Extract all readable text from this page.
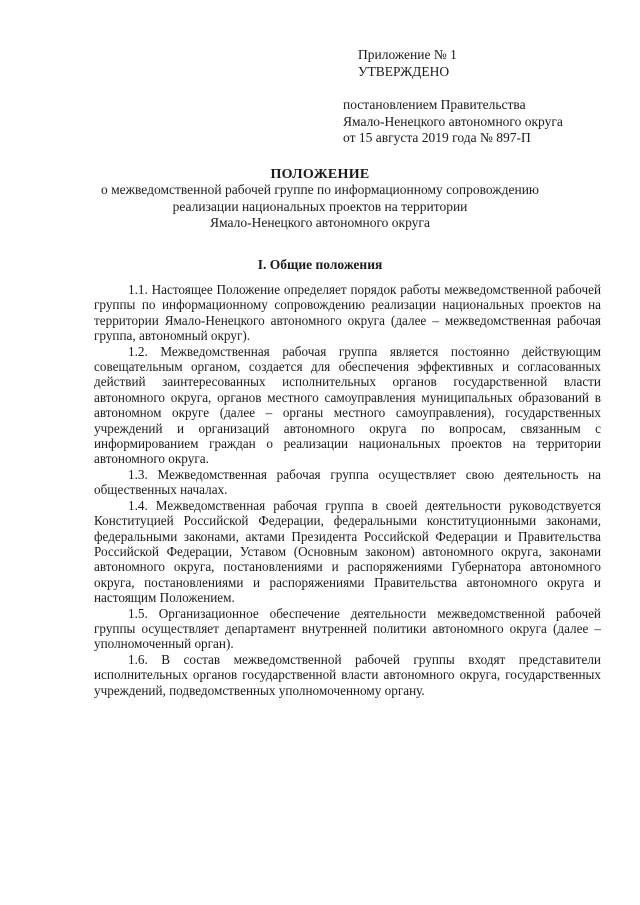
Приложение № 1
УТВЕРЖДЕНО
постановлением Правительства
Ямало-Ненецкого автономного округа
от 15 августа 2019 года № 897-П
ПОЛОЖЕНИЕ
о межведомственной рабочей группе по информационному сопровождению
реализации национальных проектов на территории
Ямало-Ненецкого автономного округа
I. Общие положения

1.1. Настоящее Положение определяет порядок работы межведомственной рабочей группы по информационному сопровождению реализации национальных проектов на территории Ямало-Ненецкого автономного округа (далее – межведомственная рабочая группа, автономный округ).

1.2. Межведомственная рабочая группа является постоянно действующим совещательным органом, создается для обеспечения эффективных и согласованных действий заинтересованных исполнительных органов государственной власти автономного округа, органов местного самоуправления муниципальных образований в автономном округе (далее – органы местного самоуправления), государственных учреждений и организаций автономного округа по вопросам, связанным с информированием граждан о реализации национальных проектов на территории автономного округа.

1.3. Межведомственная рабочая группа осуществляет свою деятельность на общественных началах.

1.4. Межведомственная рабочая группа в своей деятельности руководствуется Конституцией Российской Федерации, федеральными конституционными законами, федеральными законами, актами Президента Российской Федерации и Правительства Российской Федерации, Уставом (Основным законом) автономного округа, законами автономного округа, постановлениями и распоряжениями Губернатора автономного округа, постановлениями и распоряжениями Правительства автономного округа и настоящим Положением.

1.5. Организационное обеспечение деятельности межведомственной рабочей группы осуществляет департамент внутренней политики автономного округа (далее – уполномоченный орган).

1.6. В состав межведомственной рабочей группы входят представители исполнительных органов государственной власти автономного округа, государственных учреждений, подведомственных уполномоченному органу.
